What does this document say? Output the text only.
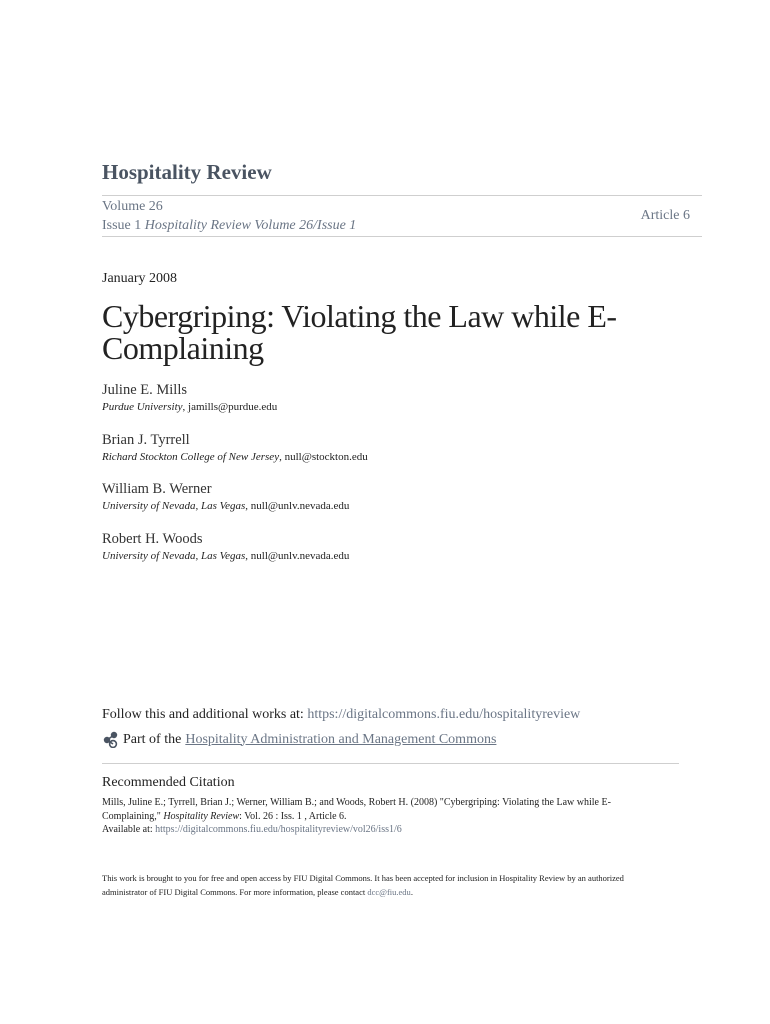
Hospitality Review
Volume 26
Issue 1 Hospitality Review Volume 26/Issue 1
Article 6
January 2008
Cybergriping: Violating the Law while E-Complaining
Juline E. Mills
Purdue University, jamills@purdue.edu
Brian J. Tyrrell
Richard Stockton College of New Jersey, null@stockton.edu
William B. Werner
University of Nevada, Las Vegas, null@unlv.nevada.edu
Robert H. Woods
University of Nevada, Las Vegas, null@unlv.nevada.edu
Follow this and additional works at: https://digitalcommons.fiu.edu/hospitalityreview
Part of the Hospitality Administration and Management Commons
Recommended Citation
Mills, Juline E.; Tyrrell, Brian J.; Werner, William B.; and Woods, Robert H. (2008) "Cybergriping: Violating the Law while E-Complaining," Hospitality Review: Vol. 26 : Iss. 1 , Article 6.
Available at: https://digitalcommons.fiu.edu/hospitalityreview/vol26/iss1/6
This work is brought to you for free and open access by FIU Digital Commons. It has been accepted for inclusion in Hospitality Review by an authorized administrator of FIU Digital Commons. For more information, please contact dcc@fiu.edu.
